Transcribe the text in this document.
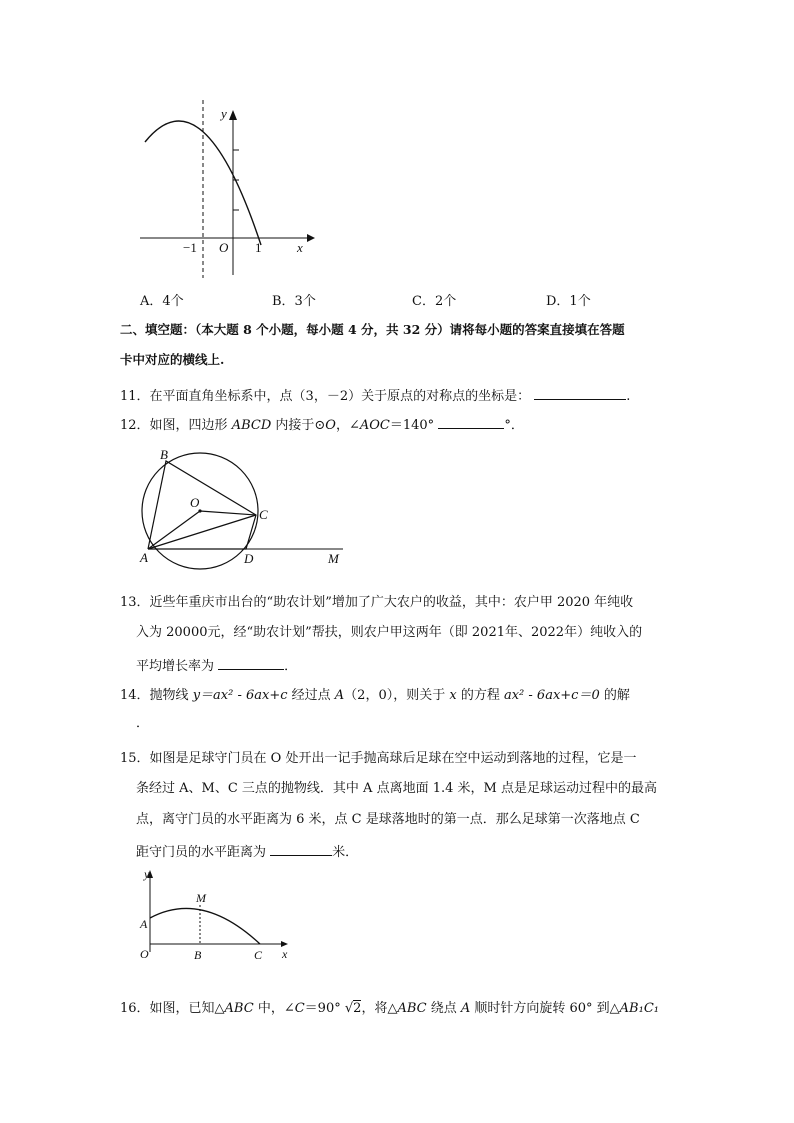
y
x
O
−1	1
A．4个	B．3个	C．2个	D．1个
二、填空题：（本大题 8 个小题，每小题 4 分，共 32 分）请将每小题的答案直接填在答题
卡中对应的横线上.
11．在平面直角坐标系中，点（3，－2）关于原点的对称点的坐标是：	.
12．如图，四边形 ABCD 内接于⊙O，∠AOC＝140°	°．
B
O
C
A	D	M
13．近些年重庆市出台的“助农计划”增加了广大农户的收益，其中：农户甲 2020 年纯收
入为 20000元，经“助农计划”帮扶，则农户甲这两年（即 2021年、2022年）纯收入的
平均增长率为	．
14．抛物线 y＝ax² - 6ax+c 经过点 A（2，0），则关于 x 的方程 ax² - 6ax+c＝0 的解
．
15．如图是足球守门员在 O 处开出一记手抛高球后足球在空中运动到落地的过程，它是一
条经过 A、M、C 三点的抛物线．其中 A 点离地面 1.4 米，M 点是足球运动过程中的最高
点，离守门员的水平距离为 6 米，点 C 是球落地时的第一点．那么足球第一次落地点 C
距守门员的水平距离为	米．
y
M
A
O	B	C x
16．如图，已知△ABC 中，∠C＝90° √2，将△ABC 绕点 A 顺时针方向旋转 60° 到△AB₁C₁
